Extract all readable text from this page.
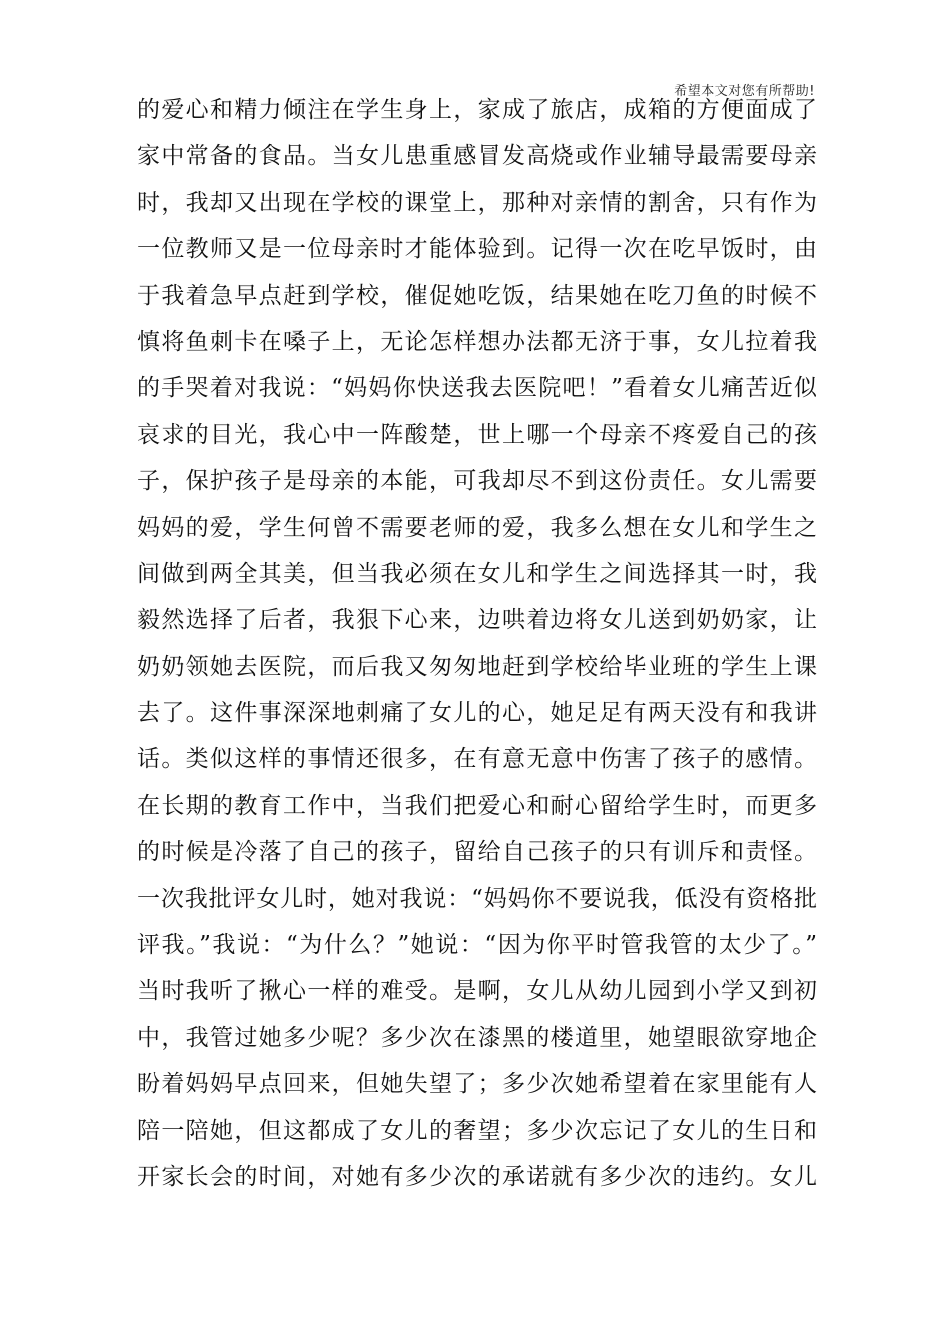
希望本文对您有所帮助!
的爱心和精力倾注在学生身上，家成了旅店，成箱的方便面成了
家中常备的食品。当女儿患重感冒发高烧或作业辅导最需要母亲
时，我却又出现在学校的课堂上，那种对亲情的割舍，只有作为
一位教师又是一位母亲时才能体验到。记得一次在吃早饭时，由
于我着急早点赶到学校，催促她吃饭，结果她在吃刀鱼的时候不
慎将鱼刺卡在嗓子上，无论怎样想办法都无济于事，女儿拉着我
的手哭着对我说：“妈妈你快送我去医院吧！”看着女儿痛苦近似
哀求的目光，我心中一阵酸楚，世上哪一个母亲不疼爱自己的孩
子，保护孩子是母亲的本能，可我却尽不到这份责任。女儿需要
妈妈的爱，学生何曾不需要老师的爱，我多么想在女儿和学生之
间做到两全其美，但当我必须在女儿和学生之间选择其一时，我
毅然选择了后者，我狠下心来，边哄着边将女儿送到奶奶家，让
奶奶领她去医院，而后我又匆匆地赶到学校给毕业班的学生上课
去了。这件事深深地刺痛了女儿的心，她足足有两天没有和我讲
话。类似这样的事情还很多，在有意无意中伤害了孩子的感情。
在长期的教育工作中，当我们把爱心和耐心留给学生时，而更多
的时候是冷落了自己的孩子，留给自己孩子的只有训斥和责怪。
一次我批评女儿时，她对我说：“妈妈你不要说我，低没有资格批
评我。”我说：“为什么？”她说：“因为你平时管我管的太少了。”
当时我听了揪心一样的难受。是啊，女儿从幼儿园到小学又到初
中，我管过她多少呢？多少次在漆黑的楼道里，她望眼欲穿地企
盼着妈妈早点回来，但她失望了；多少次她希望着在家里能有人
陪一陪她，但这都成了女儿的奢望；多少次忘记了女儿的生日和
开家长会的时间，对她有多少次的承诺就有多少次的违约。女儿
